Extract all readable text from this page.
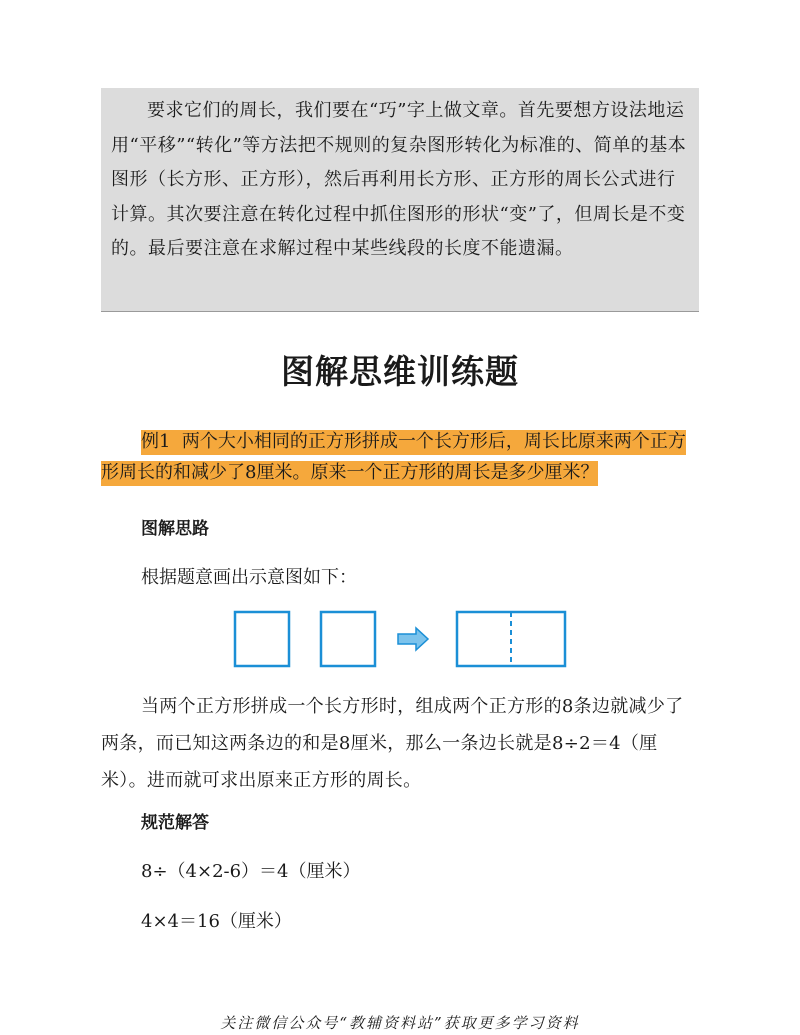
要求它们的周长，我们要在“巧”字上做文章。首先要想方设法地运用“平移”“转化”等方法把不规则的复杂图形转化为标准的、简单的基本图形（长方形、正方形），然后再利用长方形、正方形的周长公式进行计算。其次要注意在转化过程中抓住图形的形状“变”了，但周长是不变的。最后要注意在求解过程中某些线段的长度不能遗漏。

图解思维训练题

例1 两个大小相同的正方形拼成一个长方形后，周长比原来两个正方形周长的和减少了8厘米。原来一个正方形的周长是多少厘米？

图解思路

根据题意画出示意图如下：

当两个正方形拼成一个长方形时，组成两个正方形的8条边就减少了两条，而已知这两条边的和是8厘米，那么一条边长就是8÷2＝4（厘米）。进而就可求出原来正方形的周长。

规范解答

8÷（4×2-6）＝4（厘米）

4×4＝16（厘米）

关注微信公众号“教辅资料站”获取更多学习资料
